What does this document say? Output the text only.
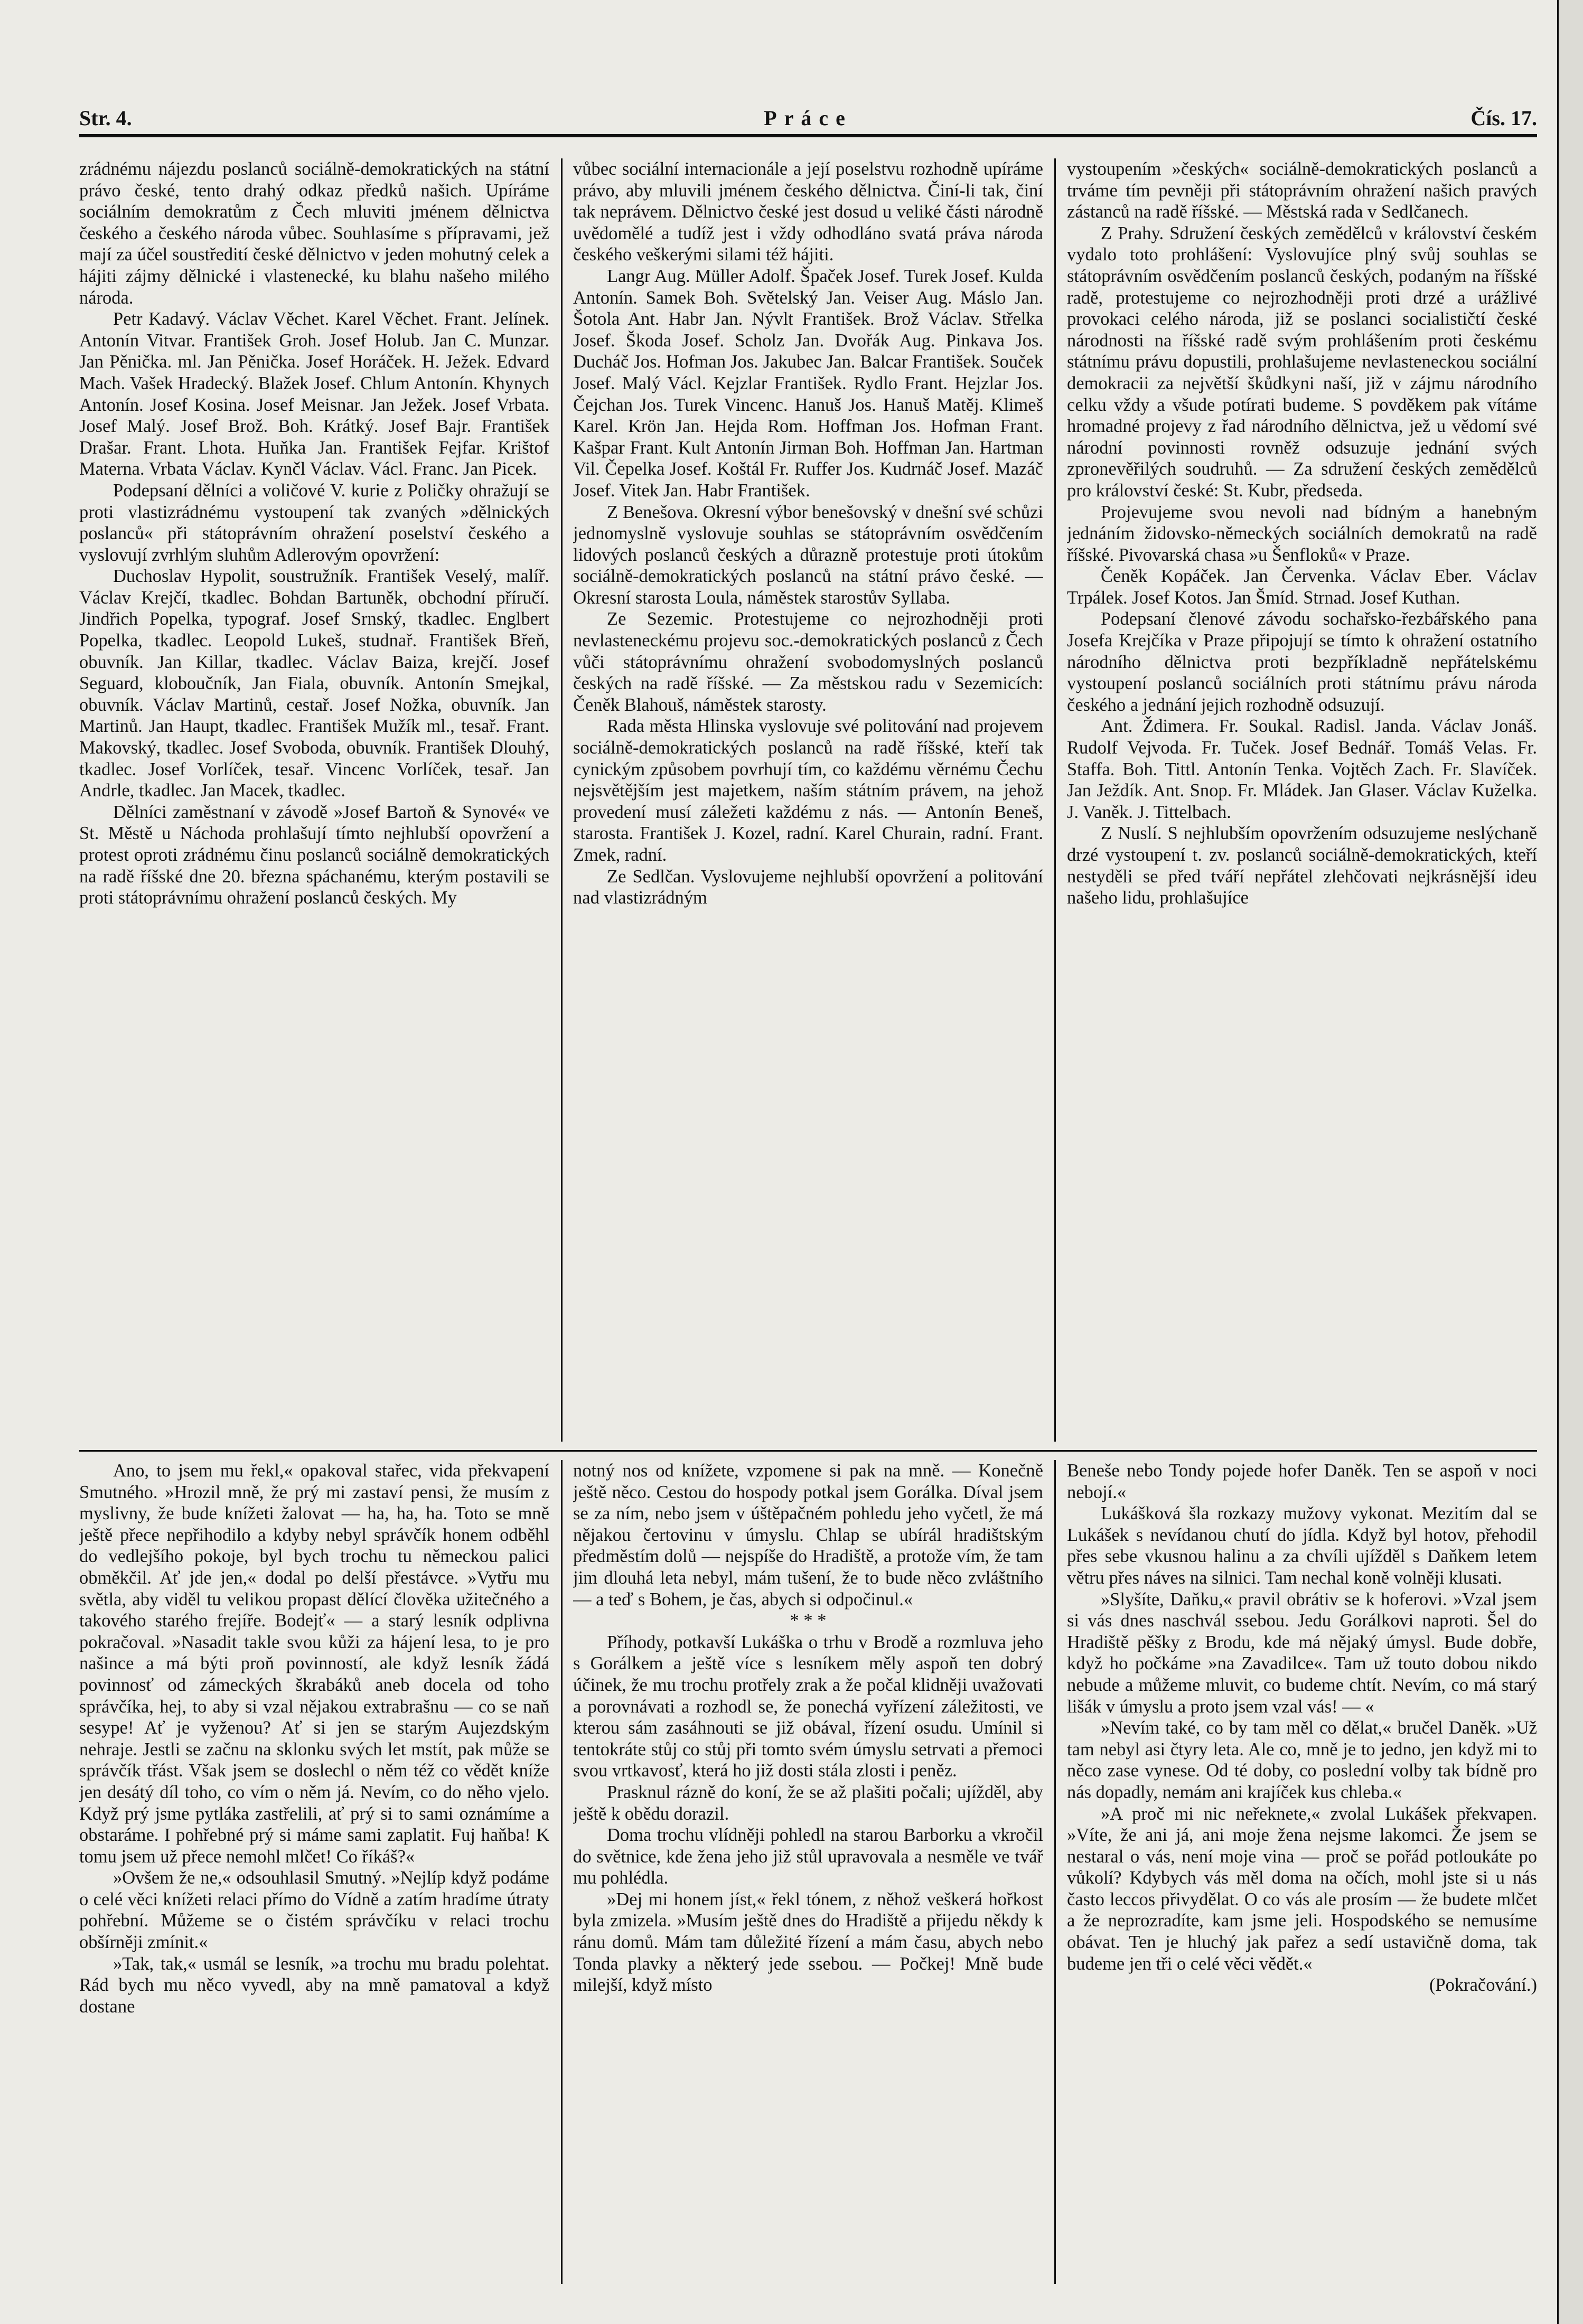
Str. 4.	Práce	Čís. 17.

zrádnému nájezdu poslanců sociálně-demokratických na státní právo české, tento drahý odkaz předků našich. Upíráme sociálním demokratům z Čech mluviti jménem dělnictva českého a českého národa vůbec. Souhlasíme s přípravami, jež mají za účel soustředití české dělnictvo v jeden mohutný celek a hájiti zájmy dělnické i vlastenecké, ku blahu našeho milého národa.

Petr Kadavý. Václav Věchet. Karel Věchet. Frant. Jelínek. Antonín Vitvar. František Groh. Josef Holub. Jan C. Munzar. Jan Pěnička. ml. Jan Pěnička. Josef Horáček. H. Ježek. Edvard Mach. Vašek Hradecký. Blažek Josef. Chlum Antonín. Khynych Antonín. Josef Kosina. Josef Meisnar. Jan Ježek. Josef Vrbata. Josef Malý. Josef Brož. Boh. Krátký. Josef Bajr. František Drašar. Frant. Lhota. Huňka Jan. František Fejfar. Krištof Materna. Vrbata Václav. Kynčl Václav. Václ. Franc. Jan Picek.

Podepsaní dělníci a voličové V. kurie z Poličky ohražují se proti vlastizrádnému vystoupení tak zvaných »dělnických poslanců« při státoprávním ohražení poselství českého a vyslovují zvrhlým sluhům Adlerovým opovržení:

Duchoslav Hypolit, soustružník. František Veselý, malíř. Václav Krejčí, tkadlec. Bohdan Bartuněk, obchodní příručí. Jindřich Popelka, typograf. Josef Srnský, tkadlec. Englbert Popelka, tkadlec. Leopold Lukeš, studnař. František Břeň, obuvník. Jan Killar, tkadlec. Václav Baiza, krejčí. Josef Seguard, kloboučník, Jan Fiala, obuvník. Antonín Smejkal, obuvník. Václav Martinů, cestař. Josef Nožka, obuvník. Jan Martinů. Jan Haupt, tkadlec. František Mužík ml., tesař. Frant. Makovský, tkadlec. Josef Svoboda, obuvník. František Dlouhý, tkadlec. Josef Vorlíček, tesař. Vincenc Vorlíček, tesař. Jan Andrle, tkadlec. Jan Macek, tkadlec.

Dělníci zaměstnaní v závodě »Josef Bartoň & Synové« ve St. Městě u Náchoda prohlašují tímto nejhlubší opovržení a protest oproti zrádnému činu poslanců sociálně demokratických na radě říšské dne 20. března spáchanému, kterým postavili se proti státoprávnímu ohražení poslanců českých. My

vůbec sociální internacionále a její poselstvu rozhodně upíráme právo, aby mluvili jménem českého dělnictva. Činí-li tak, činí tak neprávem. Dělnictvo české jest dosud u veliké části národně uvědomělé a tudíž jest i vždy odhodláno svatá práva národa českého veškerými silami též hájiti.

Langr Aug. Müller Adolf. Špaček Josef. Turek Josef. Kulda Antonín. Samek Boh. Světelský Jan. Veiser Aug. Máslo Jan. Šotola Ant. Habr Jan. Nývlt František. Brož Václav. Střelka Josef. Škoda Josef. Scholz Jan. Dvořák Aug. Pinkava Jos. Ducháč Jos. Hofman Jos. Jakubec Jan. Balcar František. Souček Josef. Malý Václ. Kejzlar František. Rydlo Frant. Hejzlar Jos. Čejchan Jos. Turek Vincenc. Hanuš Jos. Hanuš Matěj. Klimeš Karel. Krön Jan. Hejda Rom. Hoffman Jos. Hofman Frant. Kašpar Frant. Kult Antonín Jirman Boh. Hoffman Jan. Hartman Vil. Čepelka Josef. Koštál Fr. Ruffer Jos. Kudrnáč Josef. Mazáč Josef. Vitek Jan. Habr František.

Z Benešova. Okresní výbor benešovský v dnešní své schůzi jednomyslně vyslovuje souhlas se státoprávním osvědčením lidových poslanců českých a důrazně protestuje proti útokům sociálně-demokratických poslanců na státní právo české. — Okresní starosta Loula, náměstek starostův Syllaba.

Ze Sezemic. Protestujeme co nejrozhodněji proti nevlasteneckému projevu soc.-demokratických poslanců z Čech vůči státoprávnímu ohražení svobodomyslných poslanců českých na radě říšské. — Za městskou radu v Sezemicích: Čeněk Blahouš, náměstek starosty.

Rada města Hlinska vyslovuje své politování nad projevem sociálně-demokratických poslanců na radě říšské, kteří tak cynickým způsobem povrhují tím, co každému věrnému Čechu nejsvětějším jest majetkem, naším státním právem, na jehož provedení musí záležeti každému z nás. — Antonín Beneš, starosta. František J. Kozel, radní. Karel Churain, radní. Frant. Zmek, radní.

Ze Sedlčan. Vyslovujeme nejhlubší opovržení a politování nad vlastizrádným

vystoupením »českých« sociálně-demokratických poslanců a trváme tím pevněji při státoprávním ohražení našich pravých zástanců na radě říšské. — Městská rada v Sedlčanech.

Z Prahy. Sdružení českých zemědělců v království českém vydalo toto prohlášení: Vyslovujíce plný svůj souhlas se státoprávním osvědčením poslanců českých, podaným na říšské radě, protestujeme co nejrozhodněji proti drzé a urážlivé provokaci celého národa, již se poslanci socialističtí české národnosti na říšské radě svým prohlášením proti českému státnímu právu dopustili, prohlašujeme nevlasteneckou sociální demokracii za největší škůdkyni naší, již v zájmu národního celku vždy a všude potírati budeme. S povděkem pak vítáme hromadné projevy z řad národního dělnictva, jež u vědomí své národní povinnosti rovněž odsuzuje jednání svých zpronevěřilých soudruhů. — Za sdružení českých zemědělců pro království české: St. Kubr, předseda.

Projevujeme svou nevoli nad bídným a hanebným jednáním židovsko-německých sociálních demokratů na radě říšské. Pivovarská chasa »u Šenfloků« v Praze.

Čeněk Kopáček. Jan Červenka. Václav Eber. Václav Trpálek. Josef Kotos. Jan Šmíd. Strnad. Josef Kuthan.

Podepsaní členové závodu sochařsko-řezbářského pana Josefa Krejčíka v Praze připojují se tímto k ohražení ostatního národního dělnictva proti bezpříkladně nepřátelskému vystoupení poslanců sociálních proti státnímu právu národa českého a jednání jejich rozhodně odsuzují.

Ant. Ždimera. Fr. Soukal. Radisl. Janda. Václav Jonáš. Rudolf Vejvoda. Fr. Tuček. Josef Bednář. Tomáš Velas. Fr. Staffa. Boh. Tittl. Antonín Tenka. Vojtěch Zach. Fr. Slavíček. Jan Ježdík. Ant. Snop. Fr. Mládek. Jan Glaser. Václav Kuželka. J. Vaněk. J. Tittelbach.

Z Nuslí. S nejhlubším opovržením odsuzujeme neslýchaně drzé vystoupení t. zv. poslanců sociálně-demokratických, kteří nestyděli se před tváří nepřátel zlehčovati nejkrásnější ideu našeho lidu, prohlašujíce

Ano, to jsem mu řekl,« opakoval stařec, vida překvapení Smutného. »Hrozil mně, že prý mi zastaví pensi, že musím z myslivny, že bude knížeti žalovat — ha, ha, ha. Toto se mně ještě přece nepřihodilo a kdyby nebyl správčík honem odběhl do vedlejšího pokoje, byl bych trochu tu německou palici obměkčil. Ať jde jen,« dodal po delší přestávce. »Vytřu mu světla, aby viděl tu velikou propast dělící člověka užitečného a takového starého frejíře. Bodejť« — a starý lesník odplivna pokračoval. »Nasadit takle svou kůži za hájení lesa, to je pro našince a má býti proň povinností, ale když lesník žádá povinnosť od zámeckých škrabáků aneb docela od toho správčíka, hej, to aby si vzal nějakou extrabrašnu — co se naň sesype! Ať je vyženou? Ať si jen se starým Aujezdským nehraje. Jestli se začnu na sklonku svých let mstít, pak může se správčík třást. Však jsem se doslechl o něm též co vědět kníže jen desátý díl toho, co vím o něm já. Nevím, co do něho vjelo. Když prý jsme pytláka zastřelili, ať prý si to sami oznámíme a obstaráme. I pohřebné prý si máme sami zaplatit. Fuj haňba! K tomu jsem už přece nemohl mlčet! Co říkáš?«

»Ovšem že ne,« odsouhlasil Smutný. »Nejlíp když podáme o celé věci knížeti relaci přímo do Vídně a zatím hradíme útraty pohřební. Můžeme se o čistém správčíku v relaci trochu obšírněji zmínit.«

»Tak, tak,« usmál se lesník, »a trochu mu bradu polehtat. Rád bych mu něco vyvedl, aby na mně pamatoval a když dostane

notný nos od knížete, vzpomene si pak na mně. — Konečně ještě něco. Cestou do hospody potkal jsem Gorálka. Díval jsem se za ním, nebo jsem v úštěpačném pohledu jeho vyčetl, že má nějakou čertovinu v úmyslu. Chlap se ubírál hradištským předměstím dolů — nejspíše do Hradiště, a protože vím, že tam jim dlouhá leta nebyl, mám tušení, že to bude něco zvláštního — a teď s Bohem, je čas, abych si odpočinul.«

* * *

Příhody, potkavší Lukáška o trhu v Brodě a rozmluva jeho s Gorálkem a ještě více s lesníkem měly aspoň ten dobrý účinek, že mu trochu protřely zrak a že počal klidněji uvažovati a porovnávati a rozhodl se, že ponechá vyřízení záležitosti, ve kterou sám zasáhnouti se již obával, řízení osudu. Umínil si tentokráte stůj co stůj při tomto svém úmyslu setrvati a přemoci svou vrtkavosť, která ho již dosti stála zlosti i peněz.

Prasknul rázně do koní, že se až plašiti počali; ujížděl, aby ještě k obědu dorazil.

Doma trochu vlídněji pohledl na starou Barborku a vkročil do světnice, kde žena jeho již stůl upravovala a nesměle ve tvář mu pohlédla.

»Dej mi honem jíst,« řekl tónem, z něhož veškerá hořkost byla zmizela. »Musím ještě dnes do Hradiště a přijedu někdy k ránu domů. Mám tam důležité řízení a mám času, abych nebo Tonda plavky a některý jede ssebou. — Počkej! Mně bude milejší, když místo

Beneše nebo Tondy pojede hofer Daněk. Ten se aspoň v noci nebojí.«

Lukášková šla rozkazy mužovy vykonat. Mezitím dal se Lukášek s nevídanou chutí do jídla. Když byl hotov, přehodil přes sebe vkusnou halinu a za chvíli ujížděl s Daňkem letem větru přes náves na silnici. Tam nechal koně volněji klusati.

»Slyšíte, Daňku,« pravil obrátiv se k hoferovi. »Vzal jsem si vás dnes naschvál ssebou. Jedu Gorálkovi naproti. Šel do Hradiště pěšky z Brodu, kde má nějaký úmysl. Bude dobře, když ho počkáme »na Zavadilce«. Tam už touto dobou nikdo nebude a můžeme mluvit, co budeme chtít. Nevím, co má starý lišák v úmyslu a proto jsem vzal vás! — «

»Nevím také, co by tam měl co dělat,« bručel Daněk. »Už tam nebyl asi čtyry leta. Ale co, mně je to jedno, jen když mi to něco zase vynese. Od té doby, co poslední volby tak bídně pro nás dopadly, nemám ani krajíček kus chleba.«

»A proč mi nic neřeknete,« zvolal Lukášek překvapen. »Víte, že ani já, ani moje žena nejsme lakomci. Že jsem se nestaral o vás, není moje vina — proč se pořád potloukáte po vůkolí? Kdybych vás měl doma na očích, mohl jste si u nás často leccos přivydělat. O co vás ale prosím — že budete mlčet a že neprozradíte, kam jsme jeli. Hospodského se nemusíme obávat. Ten je hluchý jak pařez a sedí ustavičně doma, tak budeme jen tři o celé věci vědět.«

(Pokračování.)
